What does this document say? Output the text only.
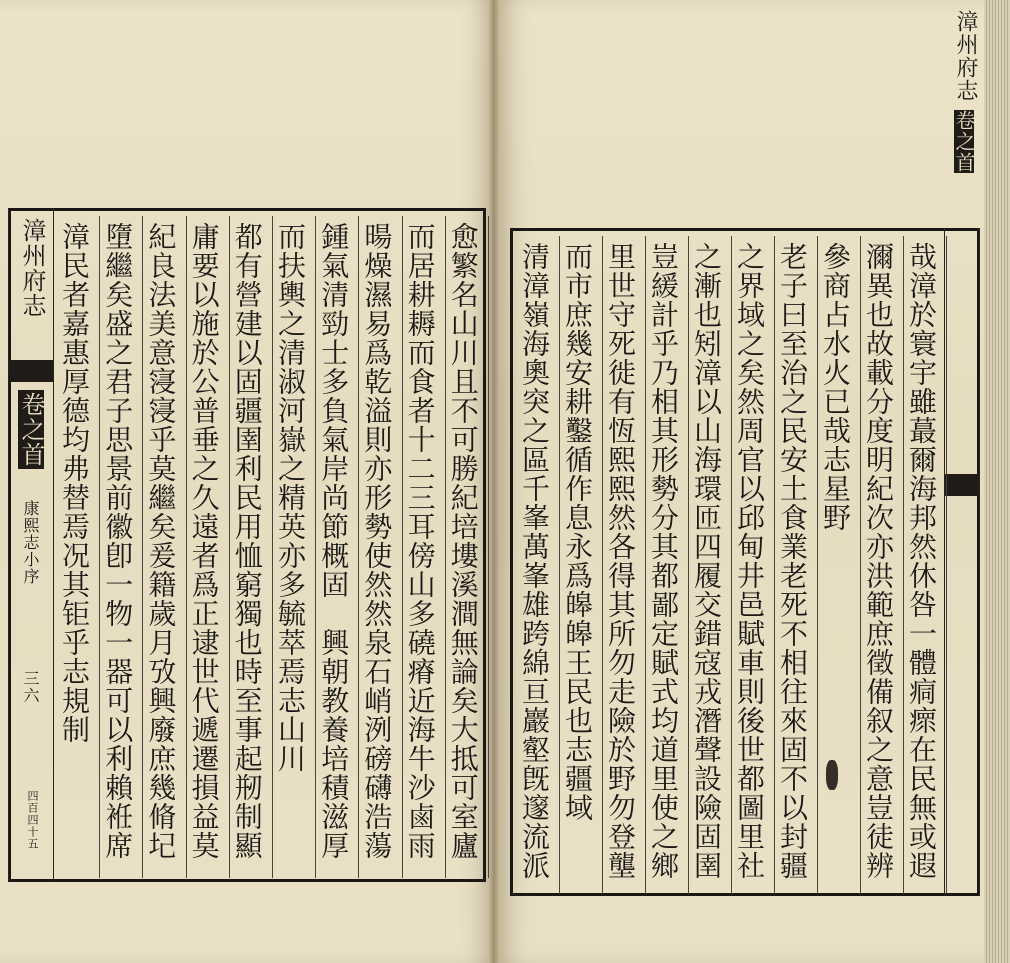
漳州府志
卷之首
康熙志小序
三六
四百四十五
漳民者嘉惠厚德均弗替焉况其钜乎志規制 墮繼矣盛之君子思景前徽卽一物一器可以利賴袵席 紀良法美意寖寖乎莫繼矣爰籍歲月攷興廢庶幾脩圮 庸要以施於公普垂之久遠者爲正逮世代遞遷損益莫 都有營建以固疆圉利民用恤窮獨也時至事起剏制顯 而扶輿之清淑河嶽之精英亦多毓萃焉志山川 鍾氣清勁士多負氣岸尚節概固　興朝教養培積滋厚 暘燥濕易爲乾溢則亦形勢使然然泉石峭洌磅礴浩蕩 而居耕耨而食者十二三耳傍山多磽瘠近海牛沙鹵雨 愈繁名山川且不可勝紀培塿溪澗無論矣大抵可室廬
漳州府志
卷之首
清漳嶺海奧突之區千峯萬峯雄跨綿亘巖壑旣邃流派 而市庶幾安耕鑿循作息永爲皞皞王民也志疆域 里世守死徙有恆熙熙然各得其所勿走險於野勿登壟 豈緩計乎乃相其形勢分其都鄙定賦式均道里使之鄉 之漸也矧漳以山海環匝四履交錯寇戎潛聲設險固圉 之界域之矣然周官以邱甸井邑賦車則後世都圖里社 老子曰至治之民安土食業老死不相往來固不以封疆 參商占水火已哉志星野 濔異也故載分度明紀次亦洪範庶徵備叙之意豈徒辨 哉漳於寰宇雖蕞爾海邦然休咎一體痌瘝在民無或遐
